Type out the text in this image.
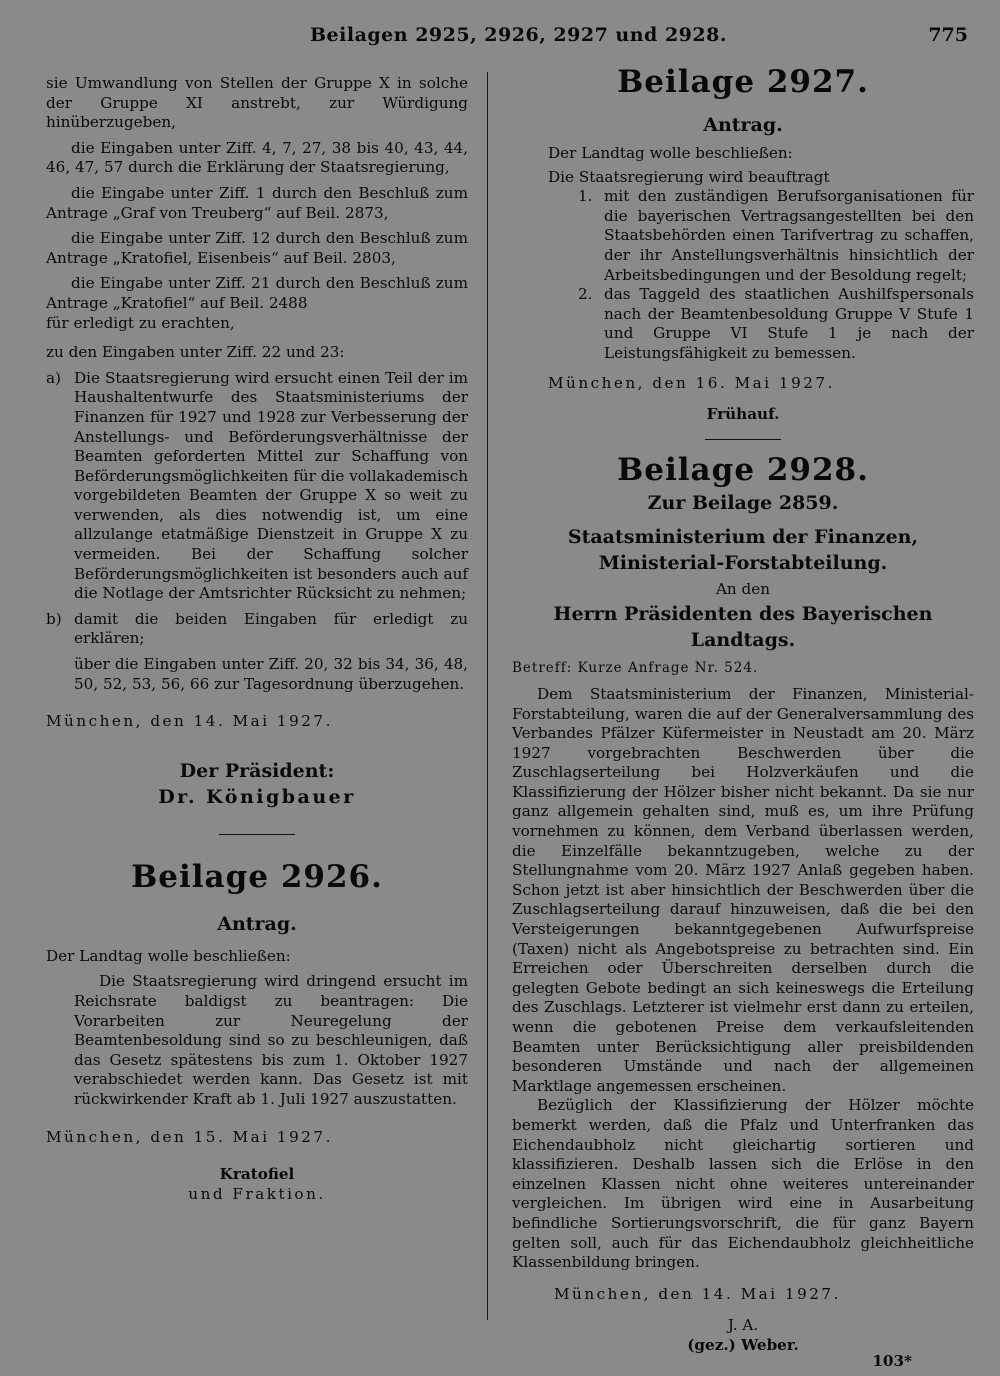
Beilagen 2925, 2926, 2927 und 2928.	775

sie Umwandlung von Stellen der Gruppe X in solche der Gruppe XI anstrebt, zur Würdigung hinüberzugeben,

die Eingaben unter Ziff. 4, 7, 27, 38 bis 40, 43, 44, 46, 47, 57 durch die Erklärung der Staatsregierung,

die Eingabe unter Ziff. 1 durch den Beschluß zum Antrage „Graf von Treuberg“ auf Beil. 2873,

die Eingabe unter Ziff. 12 durch den Beschluß zum Antrage „Kratofiel, Eisenbeis“ auf Beil. 2803,

die Eingabe unter Ziff. 21 durch den Beschluß zum Antrage „Kratofiel“ auf Beil. 2488

für erledigt zu erachten,

zu den Eingaben unter Ziff. 22 und 23:

a) Die Staatsregierung wird ersucht einen Teil der im Haushaltentwurfe des Staatsministeriums der Finanzen für 1927 und 1928 zur Verbesserung der Anstellungs- und Beförderungsverhältnisse der Beamten geforderten Mittel zur Schaffung von Beförderungsmöglichkeiten für die vollakademisch vorgebildeten Beamten der Gruppe X so weit zu verwenden, als dies notwendig ist, um eine allzulange etatmäßige Dienstzeit in Gruppe X zu vermeiden. Bei der Schaffung solcher Beförderungsmöglichkeiten ist besonders auch auf die Notlage der Amtsrichter Rücksicht zu nehmen;
b) damit die beiden Eingaben für erledigt zu erklären;

über die Eingaben unter Ziff. 20, 32 bis 34, 36, 48, 50, 52, 53, 56, 66 zur Tagesordnung überzugehen.

München, den 14. Mai 1927.

Der Präsident:

Dr. Königbauer

Beilage 2926.

Antrag.

Der Landtag wolle beschließen:

Die Staatsregierung wird dringend ersucht im Reichsrate baldigst zu beantragen: Die Vorarbeiten zur Neuregelung der Beamtenbesoldung sind so zu beschleunigen, daß das Gesetz spätestens bis zum 1. Oktober 1927 verabschiedet werden kann. Das Gesetz ist mit rückwirkender Kraft ab 1. Juli 1927 auszustatten.

München, den 15. Mai 1927.

Kratofiel

und Fraktion.

Beilage 2927.

Antrag.

Der Landtag wolle beschließen:

Die Staatsregierung wird beauftragt

1. mit den zuständigen Berufsorganisationen für die bayerischen Vertragsangestellten bei den Staatsbehörden einen Tarifvertrag zu schaffen, der ihr Anstellungsverhältnis hinsichtlich der Arbeitsbedingungen und der Besoldung regelt;
2. das Taggeld des staatlichen Aushilfspersonals nach der Beamtenbesoldung Gruppe V Stufe 1 und Gruppe VI Stufe 1 je nach der Leistungsfähigkeit zu bemessen.

München, den 16. Mai 1927.

Frühauf.

Beilage 2928.

Zur Beilage 2859.

Staatsministerium der Finanzen,

Ministerial-Forstabteilung.

An den

Herrn Präsidenten des Bayerischen Landtags.

Betreff: Kurze Anfrage Nr. 524.

Dem Staatsministerium der Finanzen, Ministerial-Forstabteilung, waren die auf der Generalversammlung des Verbandes Pfälzer Küfermeister in Neustadt am 20. März 1927 vorgebrachten Beschwerden über die Zuschlagserteilung bei Holzverkäufen und die Klassifizierung der Hölzer bisher nicht bekannt. Da sie nur ganz allgemein gehalten sind, muß es, um ihre Prüfung vornehmen zu können, dem Verband überlassen werden, die Einzelfälle bekanntzugeben, welche zu der Stellungnahme vom 20. März 1927 Anlaß gegeben haben. Schon jetzt ist aber hinsichtlich der Beschwerden über die Zuschlagserteilung darauf hinzuweisen, daß die bei den Versteigerungen bekanntgegebenen Aufwurfspreise (Taxen) nicht als Angebotspreise zu betrachten sind. Ein Erreichen oder Überschreiten derselben durch die gelegten Gebote bedingt an sich keineswegs die Erteilung des Zuschlags. Letzterer ist vielmehr erst dann zu erteilen, wenn die gebotenen Preise dem verkaufsleitenden Beamten unter Berücksichtigung aller preisbildenden besonderen Umstände und nach der allgemeinen Marktlage angemessen erscheinen.

Bezüglich der Klassifizierung der Hölzer möchte bemerkt werden, daß die Pfalz und Unterfranken das Eichendaubholz nicht gleichartig sortieren und klassifizieren. Deshalb lassen sich die Erlöse in den einzelnen Klassen nicht ohne weiteres untereinander vergleichen. Im übrigen wird eine in Ausarbeitung befindliche Sortierungsvorschrift, die für ganz Bayern gelten soll, auch für das Eichendaubholz gleichheitliche Klassenbildung bringen.

München, den 14. Mai 1927.

J. A.

(gez.) Weber.

103*
